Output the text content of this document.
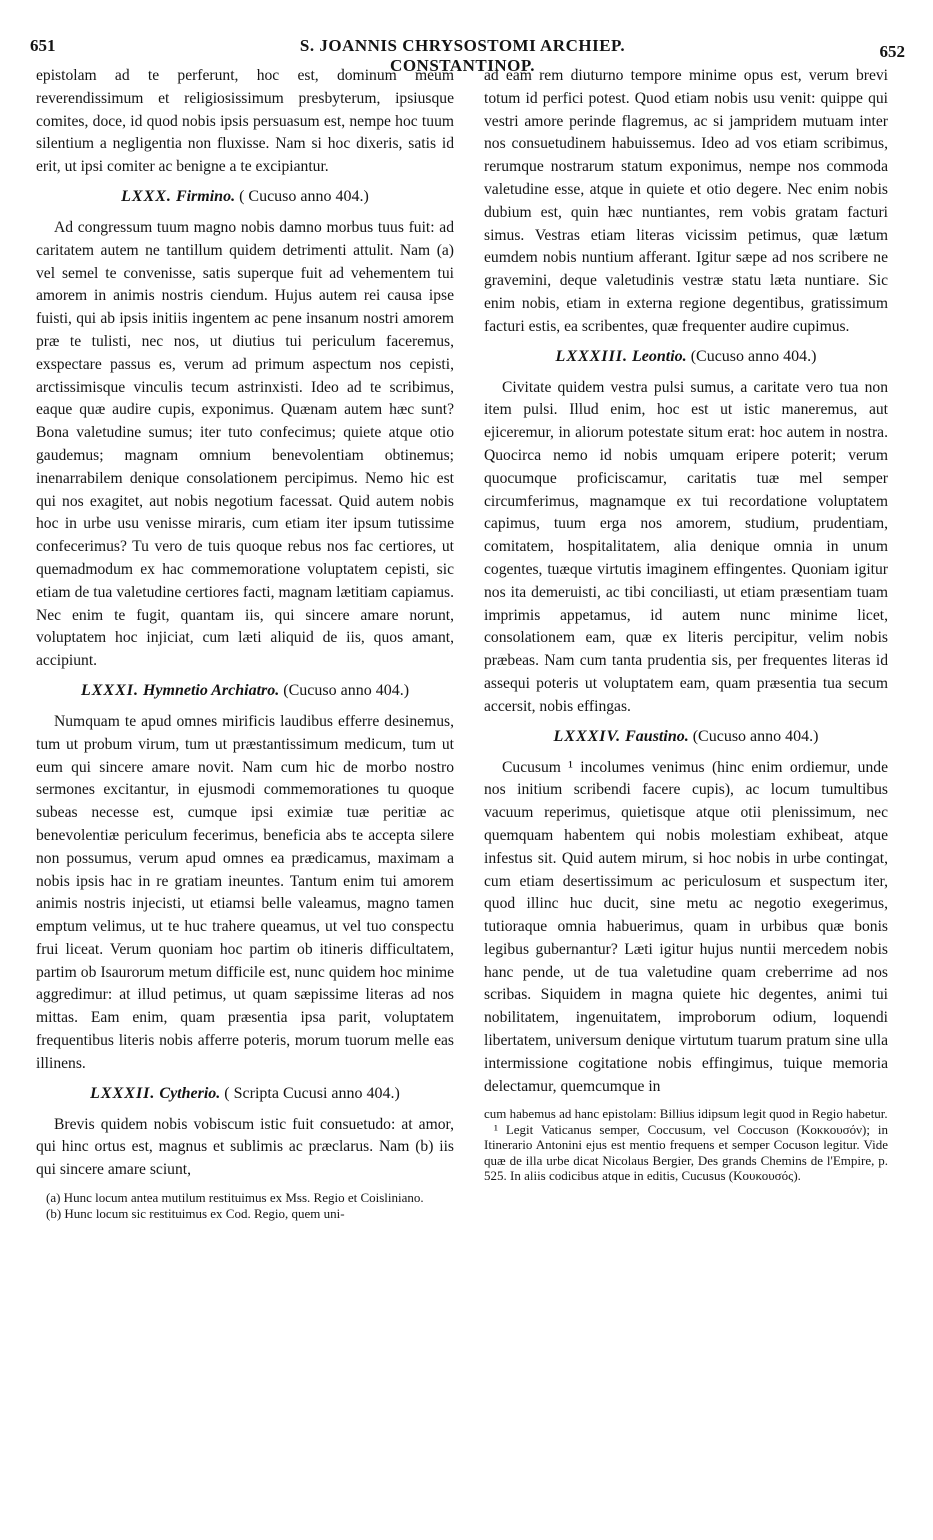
651	S. JOANNIS CHRYSOSTOMI ARCHIEP. CONSTANTINOP.
652

epistolam ad te perferunt, hoc est, dominum meum reverendissimum et religiosissimum presbyterum, ipsiusque comites, doce, id quod nobis ipsis persuasum est, nempe hoc tuum silentium a negligentia non fluxisse. Nam si hoc dixeris, satis id erit, ut ipsi comiter ac benigne a te excipiantur.

LXXX. Firmino. ( Cucuso anno 404.)

Ad congressum tuum magno nobis damno morbus tuus fuit: ad caritatem autem ne tantillum quidem detrimenti attulit. Nam (a) vel semel te convenisse, satis superque fuit ad vehementem tui amorem in animis nostris ciendum. Hujus autem rei causa ipse fuisti, qui ab ipsis initiis ingentem ac pene insanum nostri amorem præ te tulisti, nec nos, ut diutius tui periculum faceremus, exspectare passus es, verum ad primum aspectum nos cepisti, arctissimisque vinculis tecum astrinxisti. Ideo ad te scribimus, eaque quæ audire cupis, exponimus. Quænam autem hæc sunt? Bona valetudine sumus; iter tuto confecimus; quiete atque otio gaudemus; magnam omnium benevolentiam obtinemus; inenarrabilem denique consolationem percipimus. Nemo hic est qui nos exagitet, aut nobis negotium facessat. Quid autem nobis hoc in urbe usu venisse miraris, cum etiam iter ipsum tutissime confecerimus? Tu vero de tuis quoque rebus nos fac certiores, ut quemadmodum ex hac commemoratione voluptatem cepisti, sic etiam de tua valetudine certiores facti, magnam lætitiam capiamus. Nec enim te fugit, quantam iis, qui sincere amare norunt, voluptatem hoc injiciat, cum læti aliquid de iis, quos amant, accipiunt.

LXXXI. Hymnetio Archiatro. (Cucuso anno 404.)

Numquam te apud omnes mirificis laudibus efferre desinemus, tum ut probum virum, tum ut præstantissimum medicum, tum ut eum qui sincere amare novit. Nam cum hic de morbo nostro sermones excitantur, in ejusmodi commemorationes tu quoque subeas necesse est, cumque ipsi eximiæ tuæ peritiæ ac benevolentiæ periculum fecerimus, beneficia abs te accepta silere non possumus, verum apud omnes ea prædicamus, maximam a nobis ipsis hac in re gratiam ineuntes. Tantum enim tui amorem animis nostris injecisti, ut etiamsi belle valeamus, magno tamen emptum velimus, ut te huc trahere queamus, ut vel tuo conspectu frui liceat. Verum quoniam hoc partim ob itineris difficultatem, partim ob Isaurorum metum difficile est, nunc quidem hoc minime aggredimur: at illud petimus, ut quam sæpissime literas ad nos mittas. Eam enim, quam præsentia ipsa parit, voluptatem frequentibus literis nobis afferre poteris, morum tuorum melle eas illinens.

LXXXII. Cytherio. ( Scripta Cucusi anno 404.)

Brevis quidem nobis vobiscum istic fuit consuetudo: at amor, qui hinc ortus est, magnus et sublimis ac præclarus. Nam (b) iis qui sincere amare sciunt,

(a) Hunc locum antea mutilum restituimus ex Mss. Regio et Coisliniano.

(b) Hunc locum sic restituimus ex Cod. Regio, quem uni-

ad eam rem diuturno tempore minime opus est, verum brevi totum id perfici potest. Quod etiam nobis usu venit: quippe qui vestri amore perinde flagremus, ac si jampridem mutuam inter nos consuetudinem habuissemus. Ideo ad vos etiam scribimus, rerumque nostrarum statum exponimus, nempe nos commoda valetudine esse, atque in quiete et otio degere. Nec enim nobis dubium est, quin hæc nuntiantes, rem vobis gratam facturi simus. Vestras etiam literas vicissim petimus, quæ lætum eumdem nobis nuntium afferant. Igitur sæpe ad nos scribere ne gravemini, deque valetudinis vestræ statu læta nuntiare. Sic enim nobis, etiam in externa regione degentibus, gratissimum facturi estis, ea scribentes, quæ frequenter audire cupimus.

LXXXIII. Leontio. (Cucuso anno 404.)

Civitate quidem vestra pulsi sumus, a caritate vero tua non item pulsi. Illud enim, hoc est ut istic maneremus, aut ejiceremur, in aliorum potestate situm erat: hoc autem in nostra. Quocirca nemo id nobis umquam eripere poterit; verum quocumque proficiscamur, caritatis tuæ mel semper circumferimus, magnamque ex tui recordatione voluptatem capimus, tuum erga nos amorem, studium, prudentiam, comitatem, hospitalitatem, alia denique omnia in unum cogentes, tuæque virtutis imaginem effingentes. Quoniam igitur nos ita demeruisti, ac tibi conciliasti, ut etiam præsentiam tuam imprimis appetamus, id autem nunc minime licet, consolationem eam, quæ ex literis percipitur, velim nobis præbeas. Nam cum tanta prudentia sis, per frequentes literas id assequi poteris ut voluptatem eam, quam præsentia tua secum accersit, nobis effingas.

LXXXIV. Faustino. (Cucuso anno 404.)

Cucusum ¹ incolumes venimus (hinc enim ordiemur, unde nos initium scribendi facere cupis), ac locum tumultibus vacuum reperimus, quietisque atque otii plenissimum, nec quemquam habentem qui nobis molestiam exhibeat, atque infestus sit. Quid autem mirum, si hoc nobis in urbe contingat, cum etiam desertissimum ac periculosum et suspectum iter, quod illinc huc ducit, sine metu ac negotio exegerimus, tutioraque omnia habuerimus, quam in urbibus quæ bonis legibus gubernantur? Læti igitur hujus nuntii mercedem nobis hanc pende, ut de tua valetudine quam creberrime ad nos scribas. Siquidem in magna quiete hic degentes, animi tui nobilitatem, ingenuitatem, improborum odium, loquendi libertatem, universum denique virtutum tuarum pratum sine ulla intermissione cogitatione nobis effingimus, tuique memoria delectamur, quemcumque in

cum habemus ad hanc epistolam: Billius idipsum legit quod in Regio habetur.

¹ Legit Vaticanus semper, Coccusum, vel Coccuson (Κοκκουσόν); in Itinerario Antonini ejus est mentio frequens et semper Cocuson legitur. Vide quæ de illa urbe dicat Nicolaus Bergier, Des grands Chemins de l'Empire, p. 525. In aliis codicibus atque in editis, Cucusus (Κουκουσός).
